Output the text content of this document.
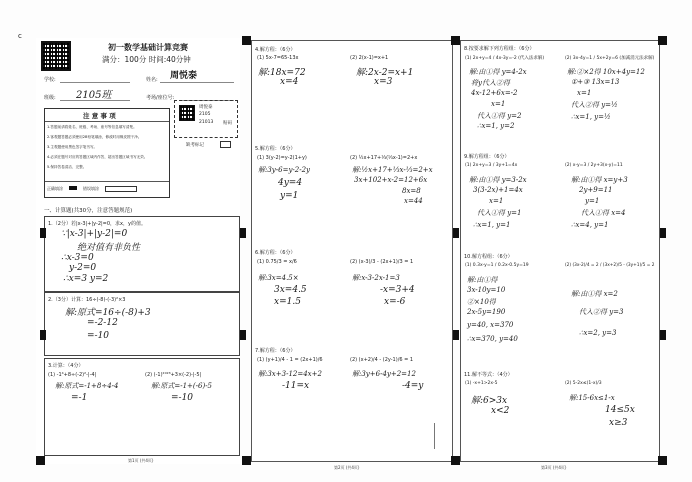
c
初一数学基础计算竞赛
满分：100分 时间:40分钟
学校:	姓名: 周悦泰
班级: 2105班	考场/座位号:
注 意 事 项
1.答题前请将姓名、班级、考场、座号等信息填写清楚。
2.客观题答题必须使用2B铅笔填涂，修改时用橡皮擦干净。
3.主观题使用黑色签字笔书写。
4.必须在题号对应的答题区域内作答，超出答题区域书写无效。
5.保持答卷清洁、完整。
正确填涂	错误填涂
周悦泰
2105
21013 贴码
缺考标记
一、计算题(共30分，注意答题规范)
1.（2分）若|x-3|+|y-2|=0，求x，y的值。
∵|x-3|+|y-2|=0
绝对值有非负性
∴x-3=0
y-2=0
∴x=3 y=2
2.（3分）计算：16÷(-8)-(-3)²×3
解:原式=16÷(-8)+3
=-2-12
=-10
3.计算：（4分）
(1) -1⁴+8÷(-2)²-|-4|	(2) (-1)²⁰²³+3×(-2)-|-5|
解:原式=-1+8÷4-4
=-1
解:原式=-1+(-6)-5
=-10
第1页 (共4页)
4.解方程：（6分）
(1) 5x-7=65-13x	(2) 2(x-1)=x+1
解:18x=72
x=4
解:2x-2=x+1
x=3
5.解方程：（6分）
(1) 3(y-2)=y-2(1+y)	(2) ½x+17+⅓(⅓x-1)=2+x
解:3y-6=y-2-2y
4y=4
y=1
解:½x+17+⅓x-⅓=2+x
3x+102+x-2=12+6x
8x=8
x=44
6.解方程：（6分）
(1) 0.75/3 = x/6	(2) (x-3)/3 - (2x+1)/3 = 1
解:3x=4.5×
3x=4.5
x=1.5
解:x-3-2x-1=3
-x=3+4
x=-6
7.解方程：（6分）
(1) (y+1)/4 - 1 = (2x+1)/6	(2) (x+2)/4 - (2y-1)/6 = 1
解:3x+3-12=4x+2
-11=x
解:3y+6-4y+2=12
-4=y
第2页 (共4页)
8.按要求解下列方程组：（6分）
(1) 2x+y=4 / 4x-3y=-2 (代入法求解)	(2) 3x-4y=1 / 5x+2y=6 (加减消元法求解)
解:由①得 y=4-2x
将y代入②得
4x-12+6x=-2
x=1
代入①得 y=2
∴x=1, y=2
解:②×2得 10x+4y=12
①+③ 13x=13
x=1
代入②得 y=½
∴x=1, y=½
9.解方程组：（6分）
(1) 2x+y=3 / 3y+1=4x	(2) x-y=3 / 2y+3(x-y)=11
解:由①得 y=3-2x
3(3-2x)+1=4x
x=1
代入①得 y=1
∴x=1, y=1
解:由①得 x=y+3
2y+9=11
y=1
代入①得 x=4
∴x=4, y=1
10.解方程组：（6分）
(1) 0.3x-y=1 / 0.2x-0.5y=19	(2) (3x-2)/4 = 2 / (3x+2)/5 - (3y+1)/5 = 2
解:由①得
3x-10y=10
②×10得
2x-5y=190
y=40, x=370
∴x=370, y=40
解:由①得 x=2
代入②得 y=3
∴x=2, y=3
11.解不等式：（4分）
(1) -x+1>2x-5	(2) 5-2x≤(1-x)/3
解:6>3x
x<2
解:15-6x≤1-x
14≤5x
x≥3
第3页 (共4页)
